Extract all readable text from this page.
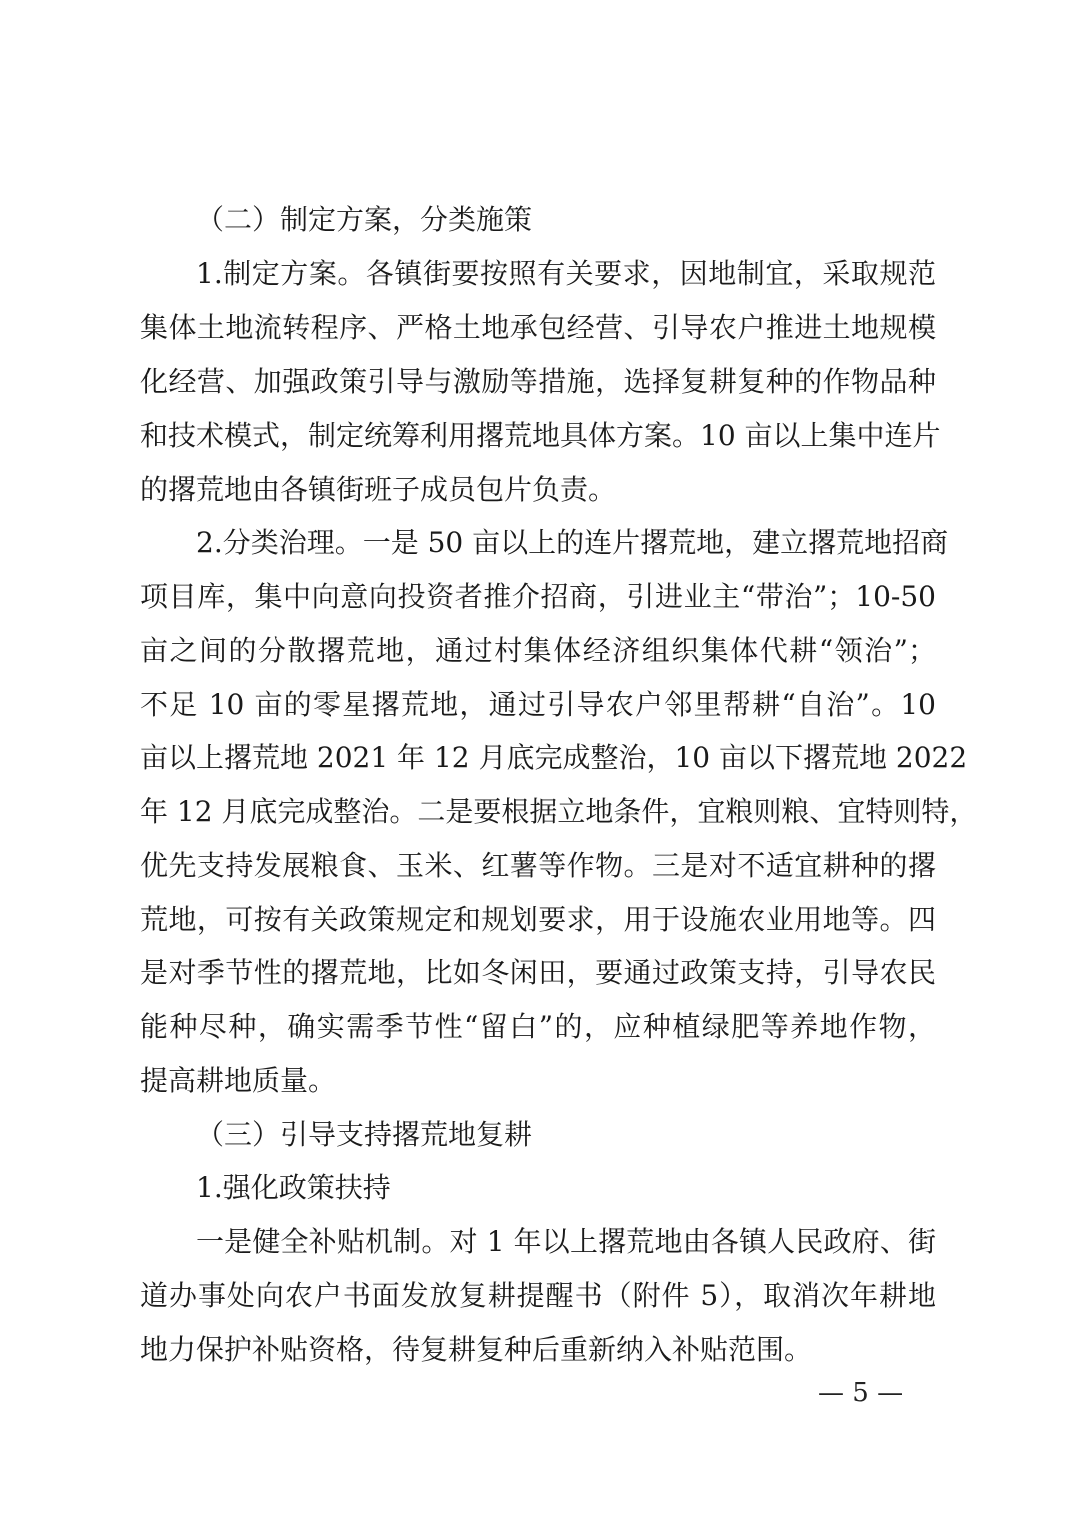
（二）制定方案，分类施策
1.制定方案。各镇街要按照有关要求，因地制宜，采取规范
集体土地流转程序、严格土地承包经营、引导农户推进土地规模
化经营、加强政策引导与激励等措施，选择复耕复种的作物品种
和技术模式，制定统筹利用撂荒地具体方案。10 亩以上集中连片
的撂荒地由各镇街班子成员包片负责。
2.分类治理。一是 50 亩以上的连片撂荒地，建立撂荒地招商
项目库，集中向意向投资者推介招商，引进业主“带治”；10-50
亩之间的分散撂荒地，通过村集体经济组织集体代耕“领治”；
不足 10 亩的零星撂荒地，通过引导农户邻里帮耕“自治”。10
亩以上撂荒地 2021 年 12 月底完成整治，10 亩以下撂荒地 2022
年 12 月底完成整治。二是要根据立地条件，宜粮则粮、宜特则特，
优先支持发展粮食、玉米、红薯等作物。三是对不适宜耕种的撂
荒地，可按有关政策规定和规划要求，用于设施农业用地等。四
是对季节性的撂荒地，比如冬闲田，要通过政策支持，引导农民
能种尽种，确实需季节性“留白”的，应种植绿肥等养地作物，
提高耕地质量。
（三）引导支持撂荒地复耕
1.强化政策扶持
一是健全补贴机制。对 1 年以上撂荒地由各镇人民政府、街
道办事处向农户书面发放复耕提醒书（附件 5），取消次年耕地
地力保护补贴资格，待复耕复种后重新纳入补贴范围。
— 5 —
